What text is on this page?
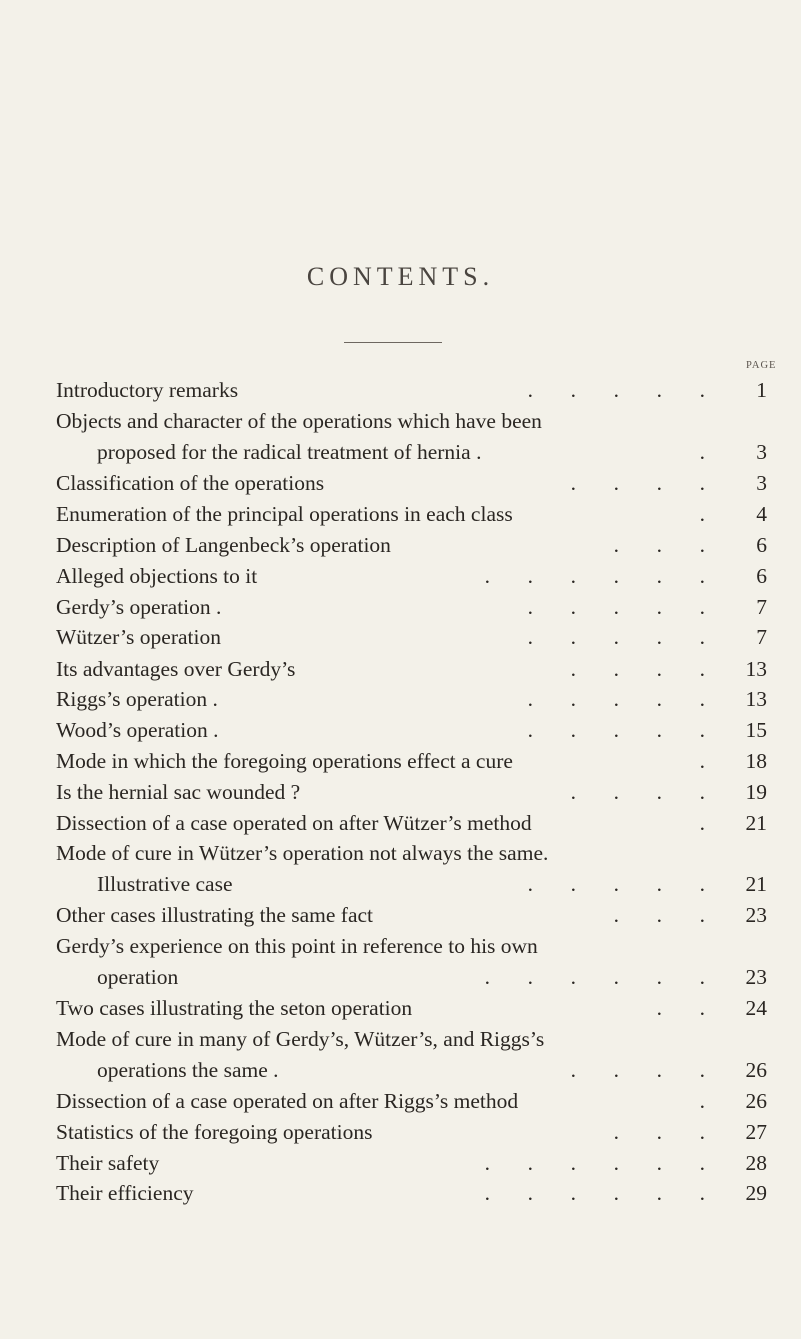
CONTENTS.
PAGE
Introductory remarks	.       .       .       .       .	1
Objects and character of the operations which have been
proposed for the radical treatment of hernia .	.	3
Classification of the operations	.       .       .       .	3
Enumeration of the principal operations in each class	.	4
Description of Langenbeck’s operation	.       .       .	6
Alleged objections to it	.       .       .       .       .       .	6
Gerdy’s operation .	.       .       .       .       .	7
Wützer’s operation	.       .       .       .       .	7
Its advantages over Gerdy’s	.       .       .       .	13
Riggs’s operation .	.       .       .       .       .	13
Wood’s operation .	.       .       .       .       .	15
Mode in which the foregoing operations effect a cure	.	18
Is the hernial sac wounded ?	.       .       .       .	19
Dissection of a case operated on after Wützer’s method	.	21
Mode of cure in Wützer’s operation not always the same.
Illustrative case	.       .       .       .       .	21
Other cases illustrating the same fact	.       .       .	23
Gerdy’s experience on this point in reference to his own
operation	.       .       .       .       .       .	23
Two cases illustrating the seton operation	.       .	24
Mode of cure in many of Gerdy’s, Wützer’s, and Riggs’s
operations the same .	.       .       .       .	26
Dissection of a case operated on after Riggs’s method	.	26
Statistics of the foregoing operations	.       .       .	27
Their safety	.       .       .       .       .       .	28
Their efficiency	.       .       .       .       .       .	29
